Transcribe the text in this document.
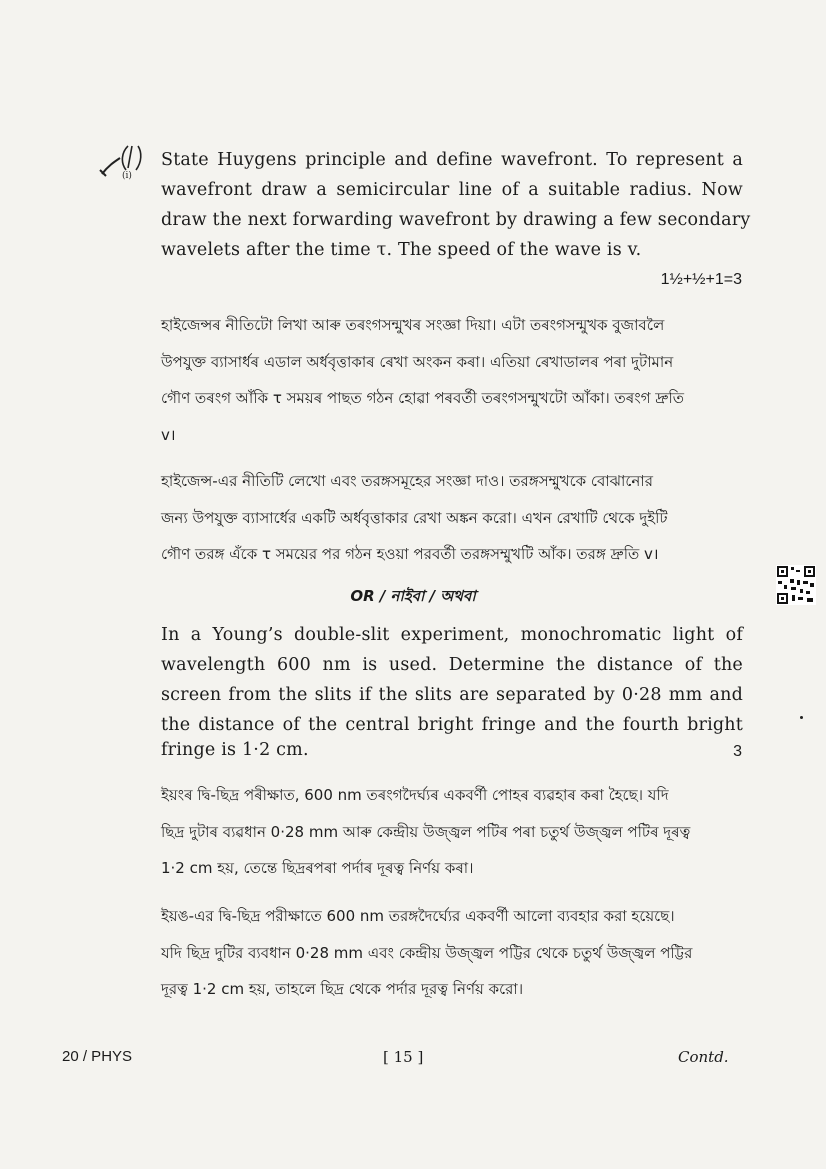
(i)
State Huygens principle and define wavefront. To represent a
wavefront draw a semicircular line of a suitable radius. Now
draw the next forwarding wavefront by drawing a few secondary
wavelets after the time τ. The speed of the wave is v.
1½+½+1=3
হাইজেন্সৰ নীতিটো লিখা আৰু তৰংগসন্মুখৰ সংজ্ঞা দিয়া। এটা তৰংগসন্মুখক বুজাবলৈ
উপযুক্ত ব্যাসাৰ্ধৰ এডাল অৰ্ধবৃত্তাকাৰ ৰেখা অংকন কৰা। এতিয়া ৰেখাডালৰ পৰা দুটামান
গৌণ তৰংগ আঁকি τ সময়ৰ পাছত গঠন হোৱা পৰবৰ্তী তৰংগসন্মুখটো আঁকা। তৰংগ দ্ৰুতি
v।
হাইজেন্স-এর নীতিটি লেখো এবং তরঙ্গসমূহের সংজ্ঞা দাও। তরঙ্গসম্মুখকে বোঝানোর
জন্য উপযুক্ত ব্যাসার্ধের একটি অর্ধবৃত্তাকার রেখা অঙ্কন করো। এখন রেখাটি থেকে দুইটি
গৌণ তরঙ্গ এঁকে τ সময়ের পর গঠন হওয়া পরবর্তী তরঙ্গসম্মুখটি আঁক। তরঙ্গ দ্রুতি v।
OR / নাইবা / অথবা
In a Young’s double-slit experiment, monochromatic light of
wavelength 600 nm is used. Determine the distance of the
screen from the slits if the slits are separated by 0·28 mm and
the distance of the central bright fringe and the fourth bright
fringe is 1·2 cm.	3
ইয়ংৰ দ্বি-ছিদ্ৰ পৰীক্ষাত, 600 nm তৰংগদৈৰ্ঘ্যৰ একবৰ্ণী পোহৰ ব্যৱহাৰ কৰা হৈছে। যদি
ছিদ্ৰ দুটাৰ ব্যৱধান 0·28 mm আৰু কেন্দ্ৰীয় উজ্জ্বল পটিৰ পৰা চতুৰ্থ উজ্জ্বল পটিৰ দূৰত্ব
1·2 cm হয়, তেন্তে ছিদ্ৰৰপৰা পৰ্দাৰ দূৰত্ব নিৰ্ণয় কৰা।
ইয়ঙ-এর দ্বি-ছিদ্র পরীক্ষাতে 600 nm তরঙ্গদৈর্ঘ্যের একবর্ণী আলো ব্যবহার করা হয়েছে।
যদি ছিদ্র দুটির ব্যবধান 0·28 mm এবং কেন্দ্রীয় উজ্জ্বল পট্টির থেকে চতুর্থ উজ্জ্বল পট্টির
দূরত্ব 1·2 cm হয়, তাহলে ছিদ্র থেকে পর্দার দূরত্ব নির্ণয় করো।
20 / PHYS	[ 15 ]	Contd.
